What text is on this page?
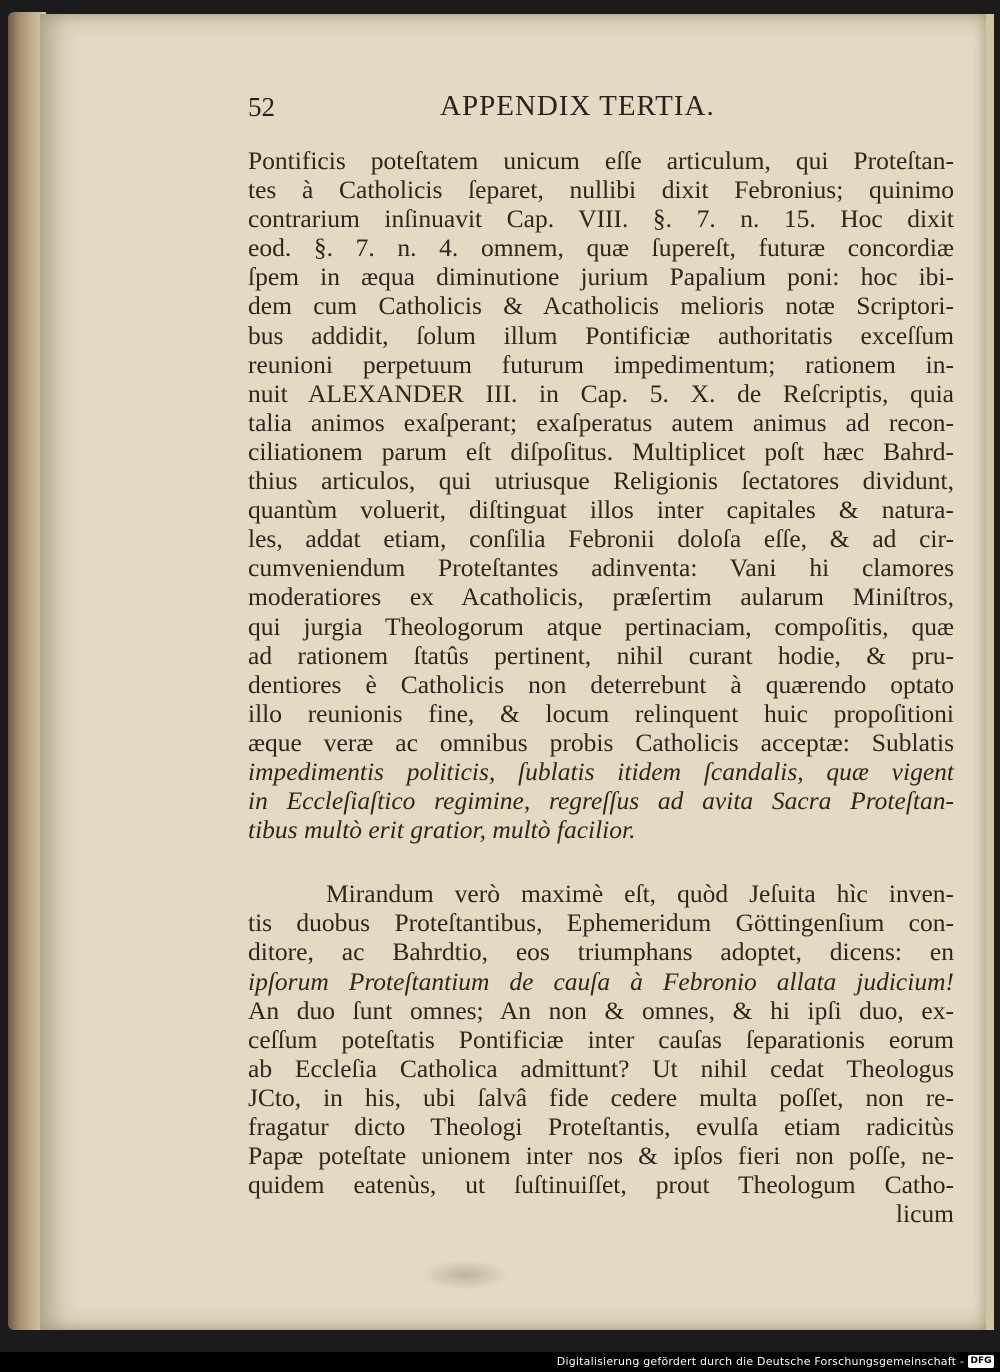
52	APPENDIX TERTIA.
Pontificis poteſtatem unicum eſſe articulum, qui Proteſtan-
tes à Catholicis ſeparet, nullibi dixit Febronius; quinimo
contrarium inſinuavit Cap. VIII. §. 7. n. 15. Hoc dixit
eod. §. 7. n. 4. omnem, quæ ſupereſt, futuræ concordiæ
ſpem in æqua diminutione jurium Papalium poni: hoc ibi-
dem cum Catholicis & Acatholicis melioris notæ Scriptori-
bus addidit, ſolum illum Pontificiæ authoritatis exceſſum
reunioni perpetuum futurum impedimentum; rationem in-
nuit ALEXANDER III. in Cap. 5. X. de Reſcriptis, quia
talia animos exaſperant; exaſperatus autem animus ad recon-
ciliationem parum eſt diſpoſitus. Multiplicet poſt hæc Bahrd-
thius articulos, qui utriusque Religionis ſectatores dividunt,
quantùm voluerit, diſtinguat illos inter capitales & natura-
les, addat etiam, conſilia Febronii doloſa eſſe, & ad cir-
cumveniendum Proteſtantes adinventa: Vani hi clamores
moderatiores ex Acatholicis, præſertim aularum Miniſtros,
qui jurgia Theologorum atque pertinaciam, compoſitis, quæ
ad rationem ſtatûs pertinent, nihil curant hodie, & pru-
dentiores è Catholicis non deterrebunt à quærendo optato
illo reunionis fine, & locum relinquent huic propoſitioni
æque veræ ac omnibus probis Catholicis acceptæ: Sublatis
impedimentis politicis, ſublatis itidem ſcandalis, quæ vigent
in Eccleſiaſtico regimine, regreſſus ad avita Sacra Proteſtan-
tibus multò erit gratior, multò facilior.
Mirandum verò maximè eſt, quòd Jeſuita hìc inven-
tis duobus Proteſtantibus, Ephemeridum Göttingenſium con-
ditore, ac Bahrdtio, eos triumphans adoptet, dicens: en
ipſorum Proteſtantium de cauſa à Febronio allata judicium!
An duo ſunt omnes; An non & omnes, & hi ipſi duo, ex-
ceſſum poteſtatis Pontificiæ inter cauſas ſeparationis eorum
ab Eccleſia Catholica admittunt? Ut nihil cedat Theologus
JCto, in his, ubi ſalvâ fide cedere multa poſſet, non re-
fragatur dicto Theologi Proteſtantis, evulſa etiam radicitùs
Papæ poteſtate unionem inter nos & ipſos fieri non poſſe, ne-
quidem eatenùs, ut ſuſtinuiſſet, prout Theologum Catho-
licum
Digitalisierung gefördert durch die Deutsche Forschungsgemeinschaft - DFG
